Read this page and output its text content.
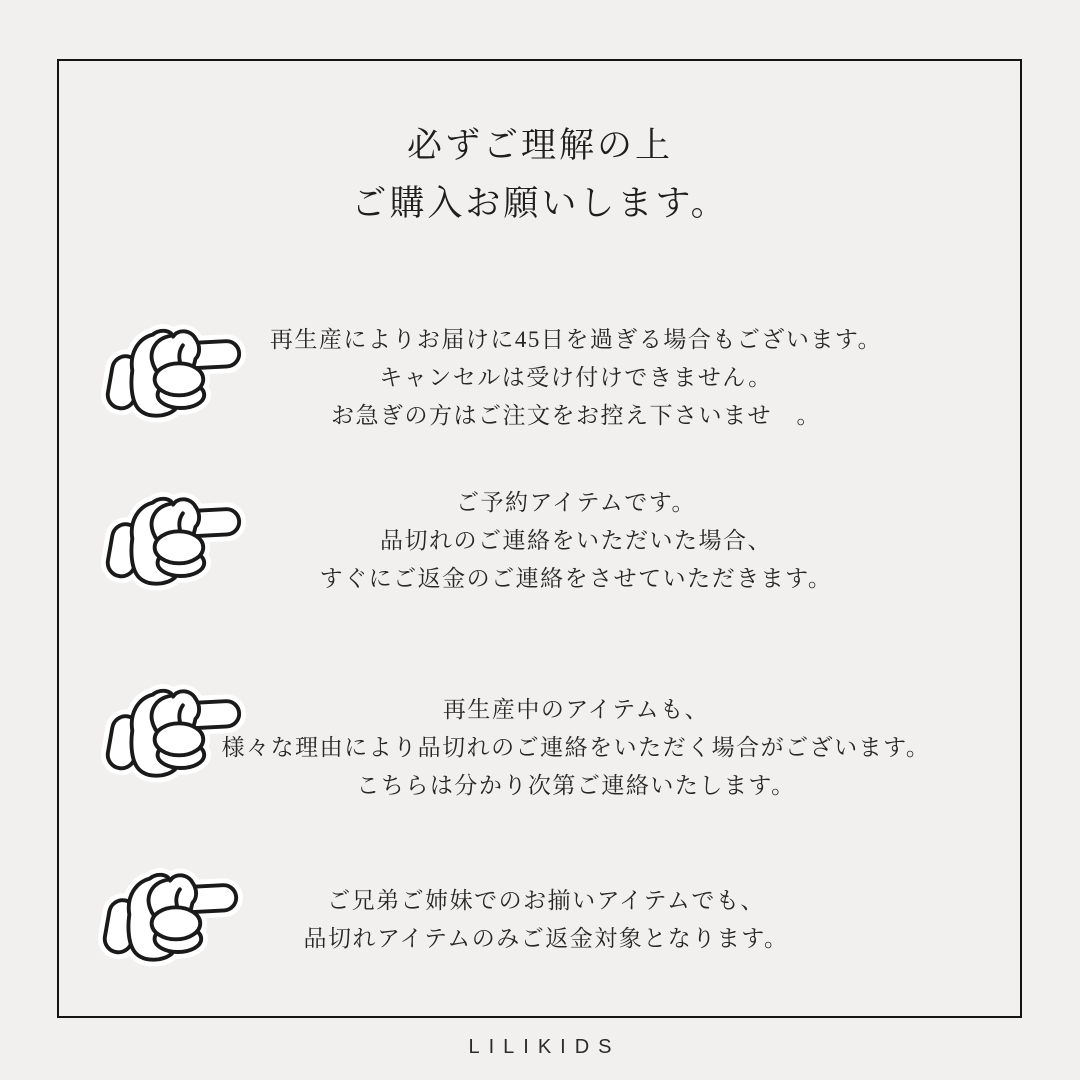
必ずご理解の上
ご購入お願いします。
再生産によりお届けに45日を過ぎる場合もございます。
キャンセルは受け付けできません。
お急ぎの方はご注文をお控え下さいませ　。
ご予約アイテムです。
品切れのご連絡をいただいた場合、
すぐにご返金のご連絡をさせていただきます。
再生産中のアイテムも、
様々な理由により品切れのご連絡をいただく場合がございます。
こちらは分かり次第ご連絡いたします。
ご兄弟ご姉妹でのお揃いアイテムでも、
品切れアイテムのみご返金対象となります。
LILIKIDS
